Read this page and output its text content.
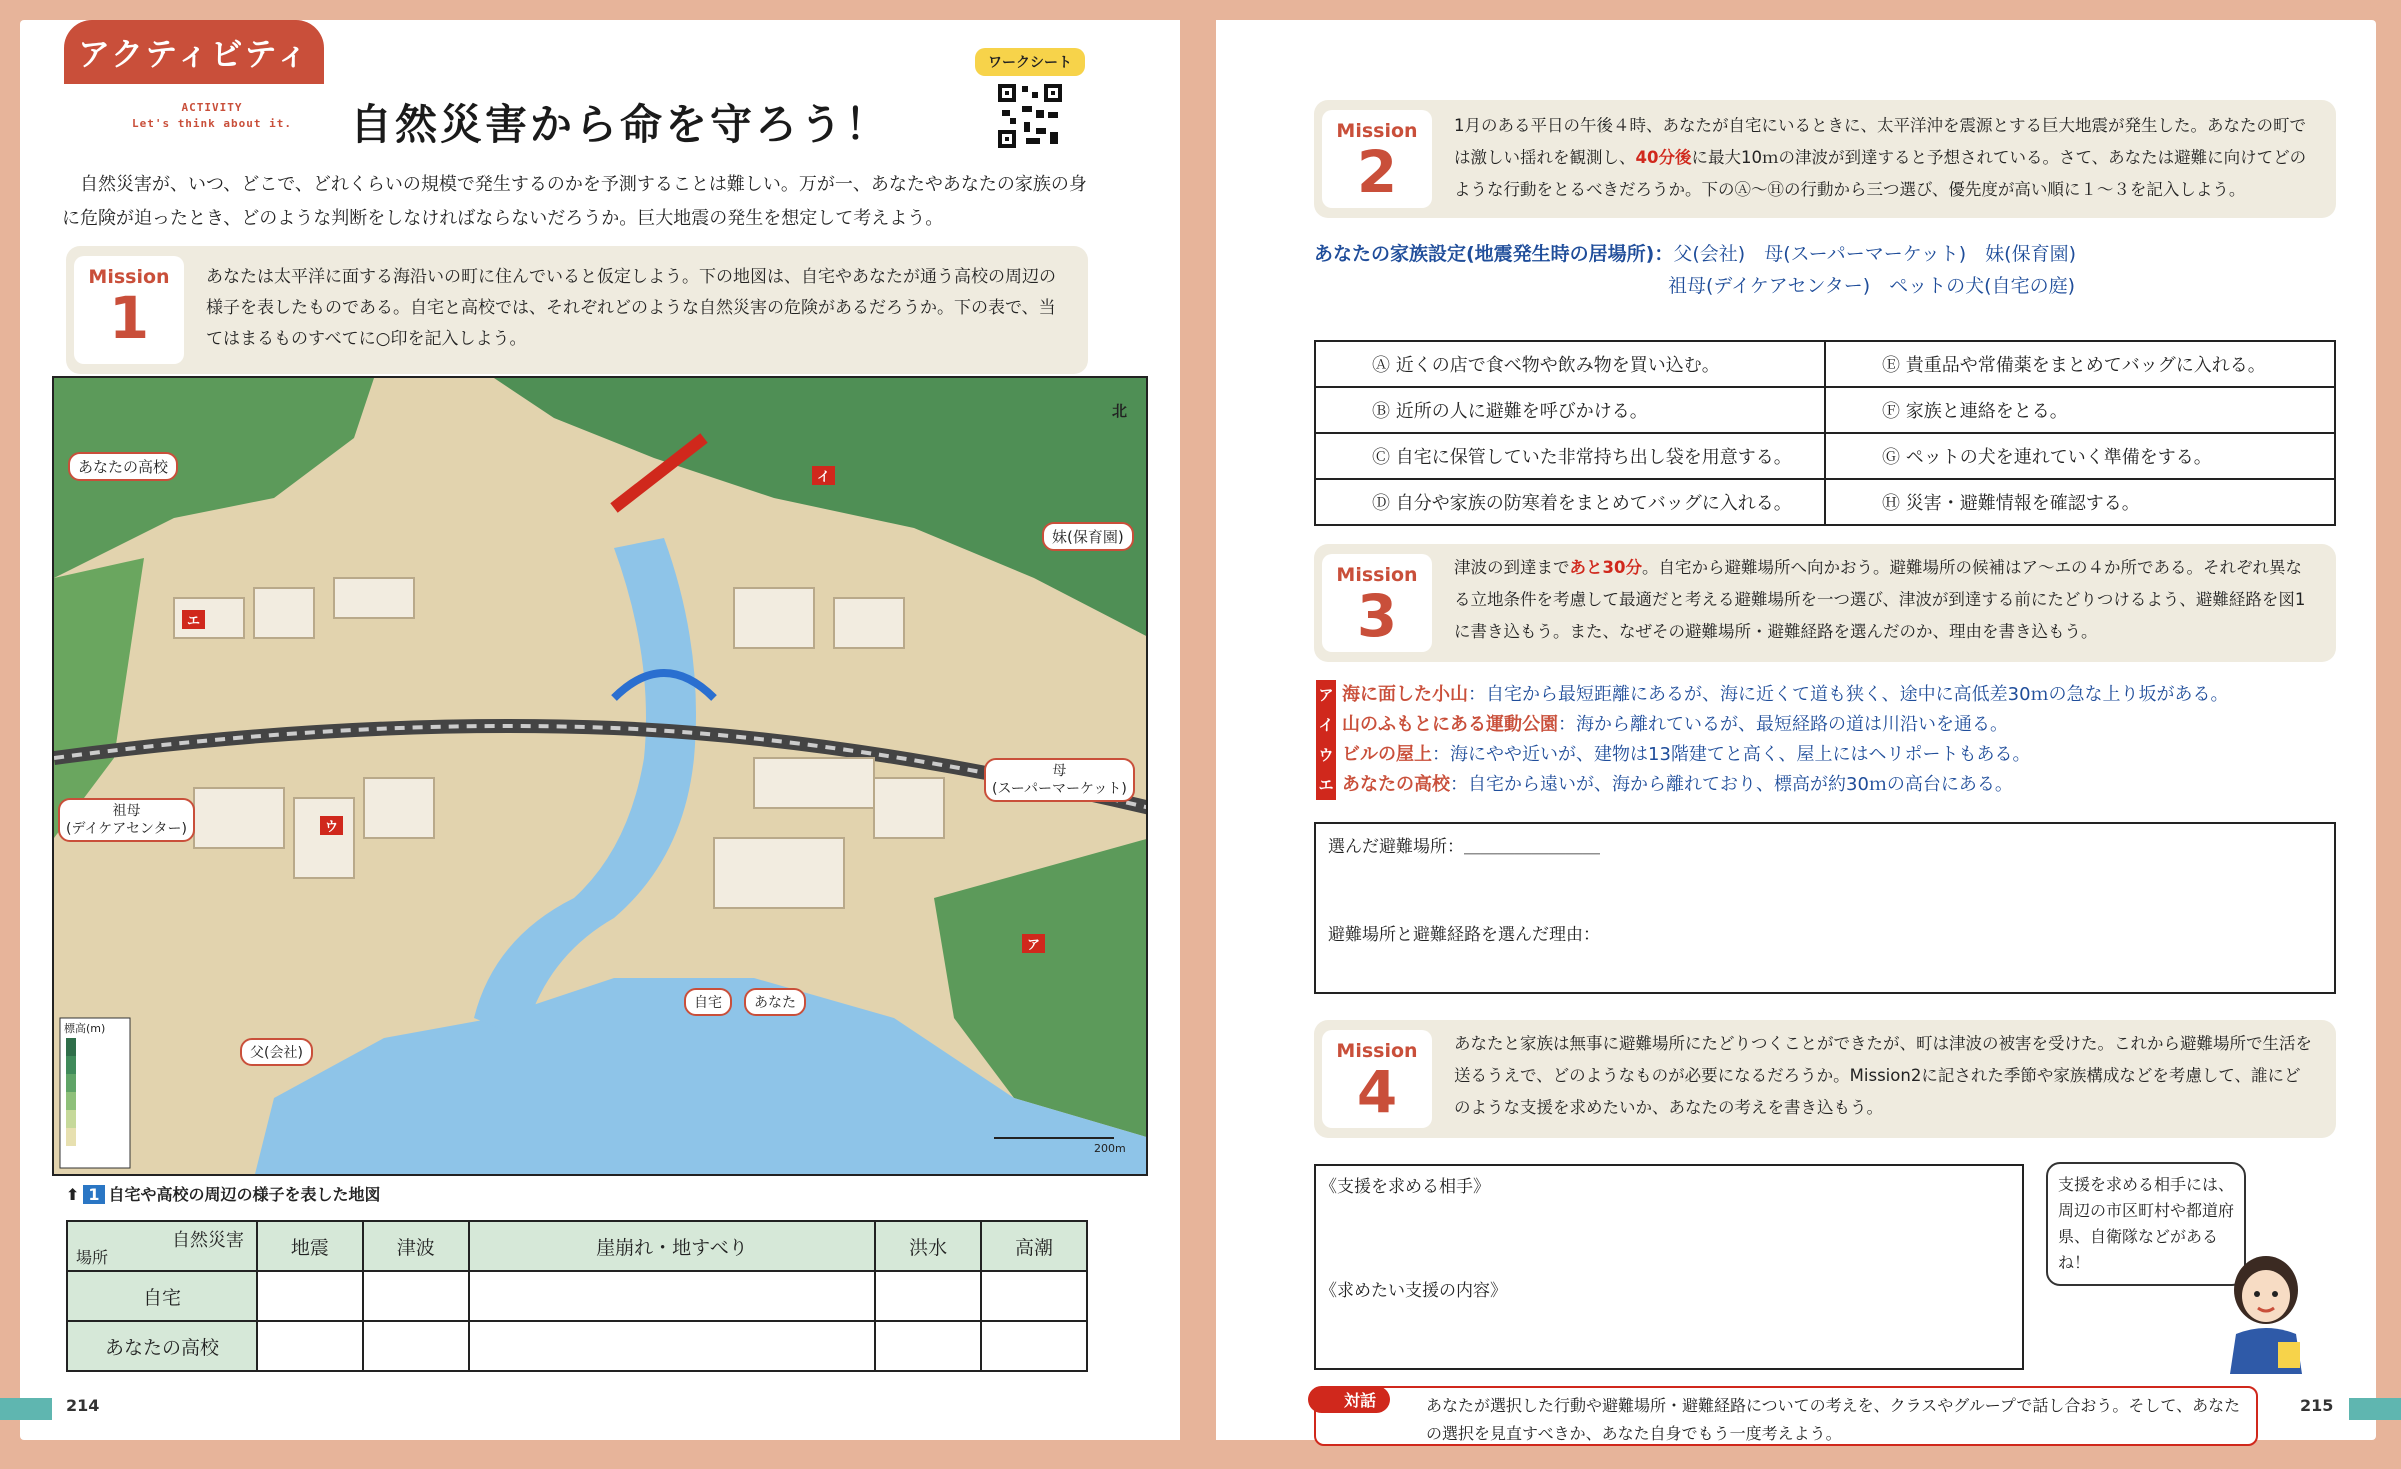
アクティビティ
ACTIVITY
Let's think about it.	自然災害から命を守ろう！
ワークシート
自然災害が、いつ、どこで、どれくらいの規模で発生するのかを予測することは難しい。万が一、あなたやあなたの家族の身に危険が迫ったとき、どのような判断をしなければならないだろうか。巨大地震の発生を想定して考えよう。
Mission
1
あなたは太平洋に面する海沿いの町に住んでいると仮定しよう。下の地図は、自宅やあなたが通う高校の周辺の様子を表したものである。自宅と高校では、それぞれどのような自然災害の危険があるだろうか。下の表で、当てはまるものすべてに○印を記入しよう。
あなたの高校
妹(保育園)
祖母
(デイケアセンター)
母
(スーパーマーケット)
父(会社)
自宅	あなた
北
200m
標高(m)
イ
ウ
エ
ア
⬆ 1 自宅や高校の周辺の様子を表した地図
自然災害
場所	地震	津波	崖崩れ・地すべり	洪水	高潮
自宅					
あなたの高校					
214
Mission
2
1月のある平日の午後４時、あなたが自宅にいるときに、太平洋沖を震源とする巨大地震が発生した。あなたの町では激しい揺れを観測し、40分後に最大10ｍの津波が到達すると予想されている。さて、あなたは避難に向けてどのような行動をとるべきだろうか。下のⒶ〜Ⓗの行動から三つ選び、優先度が高い順に１〜３を記入しよう。
あなたの家族設定(地震発生時の居場所)：父(会社)　母(スーパーマーケット)　妹(保育園)
祖母(デイケアセンター)　ペットの犬(自宅の庭)
Ⓐ 近くの店で食べ物や飲み物を買い込む。	Ⓔ 貴重品や常備薬をまとめてバッグに入れる。
Ⓑ 近所の人に避難を呼びかける。	Ⓕ 家族と連絡をとる。
Ⓒ 自宅に保管していた非常持ち出し袋を用意する。	Ⓖ ペットの犬を連れていく準備をする。
Ⓓ 自分や家族の防寒着をまとめてバッグに入れる。	Ⓗ 災害・避難情報を確認する。
Mission
3
津波の到達まであと30分。自宅から避難場所へ向かおう。避難場所の候補はア〜エの４か所である。それぞれ異なる立地条件を考慮して最適だと考える避難場所を一つ選び、津波が到達する前にたどりつけるよう、避難経路を図1に書き込もう。また、なぜその避難場所・避難経路を選んだのか、理由を書き込もう。
ア 海に面した小山：自宅から最短距離にあるが、海に近くて道も狭く、途中に高低差30ｍの急な上り坂がある。
イ 山のふもとにある運動公園：海から離れているが、最短経路の道は川沿いを通る。
ウ ビルの屋上：海にやや近いが、建物は13階建てと高く、屋上にはヘリポートもある。
エ あなたの高校：自宅から遠いが、海から離れており、標高が約30ｍの高台にある。
選んだ避難場所：＿＿＿＿＿＿＿＿
避難場所と避難経路を選んだ理由：
Mission
4
あなたと家族は無事に避難場所にたどりつくことができたが、町は津波の被害を受けた。これから避難場所で生活を送るうえで、どのようなものが必要になるだろうか。Mission2に記された季節や家族構成などを考慮して、誰にどのような支援を求めたいか、あなたの考えを書き込もう。
《支援を求める相手》
《求めたい支援の内容》
支援を求める相手には、周辺の市区町村や都道府県、自衛隊などがあるね！
あなたが選択した行動や避難場所・避難経路についての考えを、クラスやグループで話し合おう。そして、あなたの選択を見直すべきか、あなた自身でもう一度考えよう。
対話	215
